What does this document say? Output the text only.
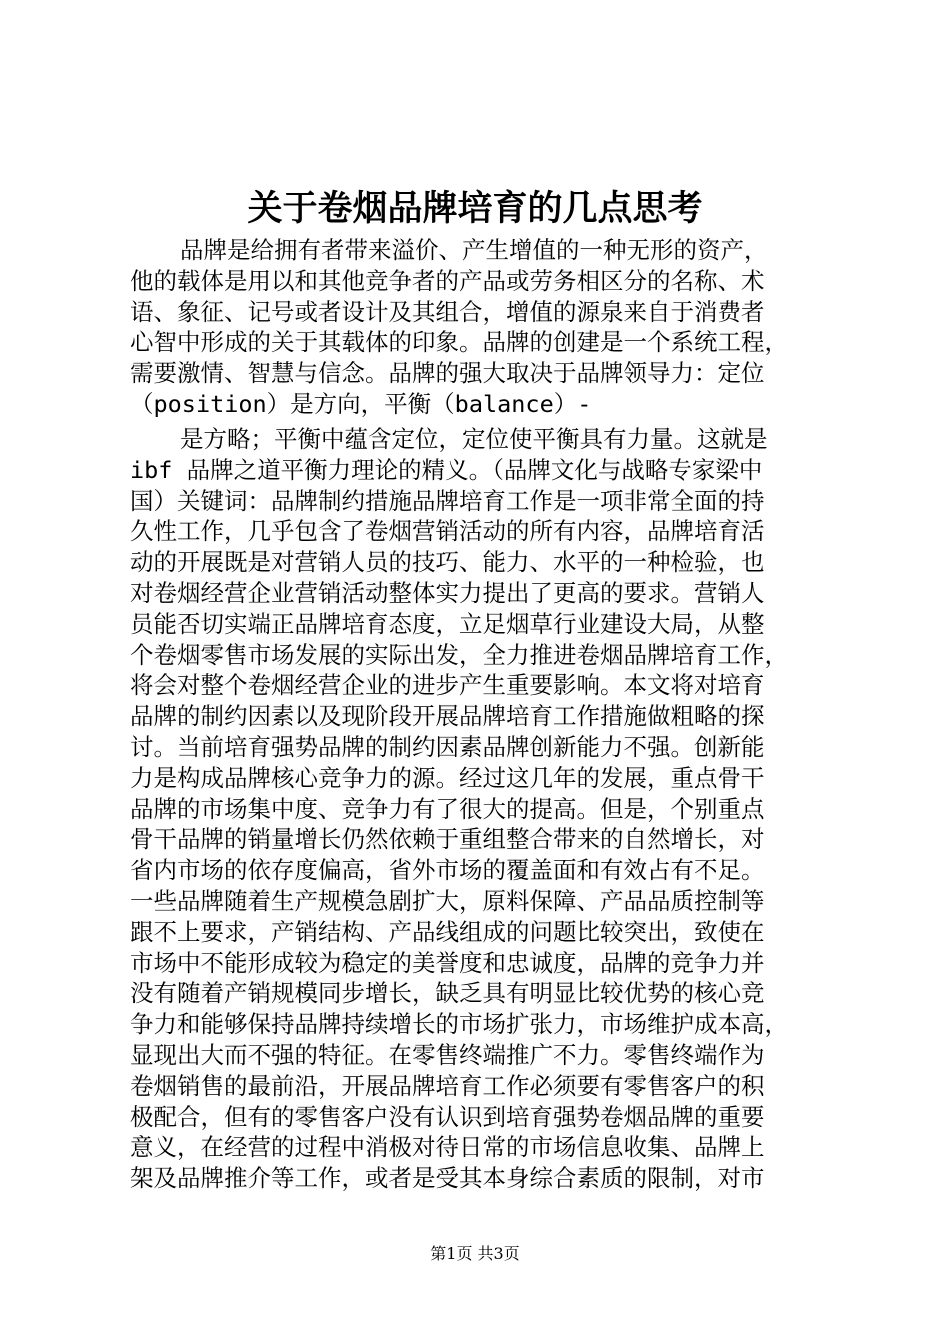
关于卷烟品牌培育的几点思考
品牌是给拥有者带来溢价、产生增值的一种无形的资产，
他的载体是用以和其他竞争者的产品或劳务相区分的名称、术
语、象征、记号或者设计及其组合，增值的源泉来自于消费者
心智中形成的关于其载体的印象。品牌的创建是一个系统工程，
需要激情、智慧与信念。品牌的强大取决于品牌领导力：定位
（position）是方向，平衡（balance）-
是方略；平衡中蕴含定位，定位使平衡具有力量。这就是
ibf 品牌之道平衡力理论的精义。（品牌文化与战略专家梁中
国）关键词：品牌制约措施品牌培育工作是一项非常全面的持
久性工作，几乎包含了卷烟营销活动的所有内容，品牌培育活
动的开展既是对营销人员的技巧、能力、水平的一种检验，也
对卷烟经营企业营销活动整体实力提出了更高的要求。营销人
员能否切实端正品牌培育态度，立足烟草行业建设大局，从整
个卷烟零售市场发展的实际出发，全力推进卷烟品牌培育工作，
将会对整个卷烟经营企业的进步产生重要影响。本文将对培育
品牌的制约因素以及现阶段开展品牌培育工作措施做粗略的探
讨。当前培育强势品牌的制约因素品牌创新能力不强。创新能
力是构成品牌核心竞争力的源。经过这几年的发展，重点骨干
品牌的市场集中度、竞争力有了很大的提高。但是，个别重点
骨干品牌的销量增长仍然依赖于重组整合带来的自然增长，对
省内市场的依存度偏高，省外市场的覆盖面和有效占有不足。
一些品牌随着生产规模急剧扩大，原料保障、产品品质控制等
跟不上要求，产销结构、产品线组成的问题比较突出，致使在
市场中不能形成较为稳定的美誉度和忠诚度，品牌的竞争力并
没有随着产销规模同步增长，缺乏具有明显比较优势的核心竞
争力和能够保持品牌持续增长的市场扩张力，市场维护成本高，
显现出大而不强的特征。在零售终端推广不力。零售终端作为
卷烟销售的最前沿，开展品牌培育工作必须要有零售客户的积
极配合，但有的零售客户没有认识到培育强势卷烟品牌的重要
意义，在经营的过程中消极对待日常的市场信息收集、品牌上
架及品牌推介等工作，或者是受其本身综合素质的限制，对市
第1页 共3页
